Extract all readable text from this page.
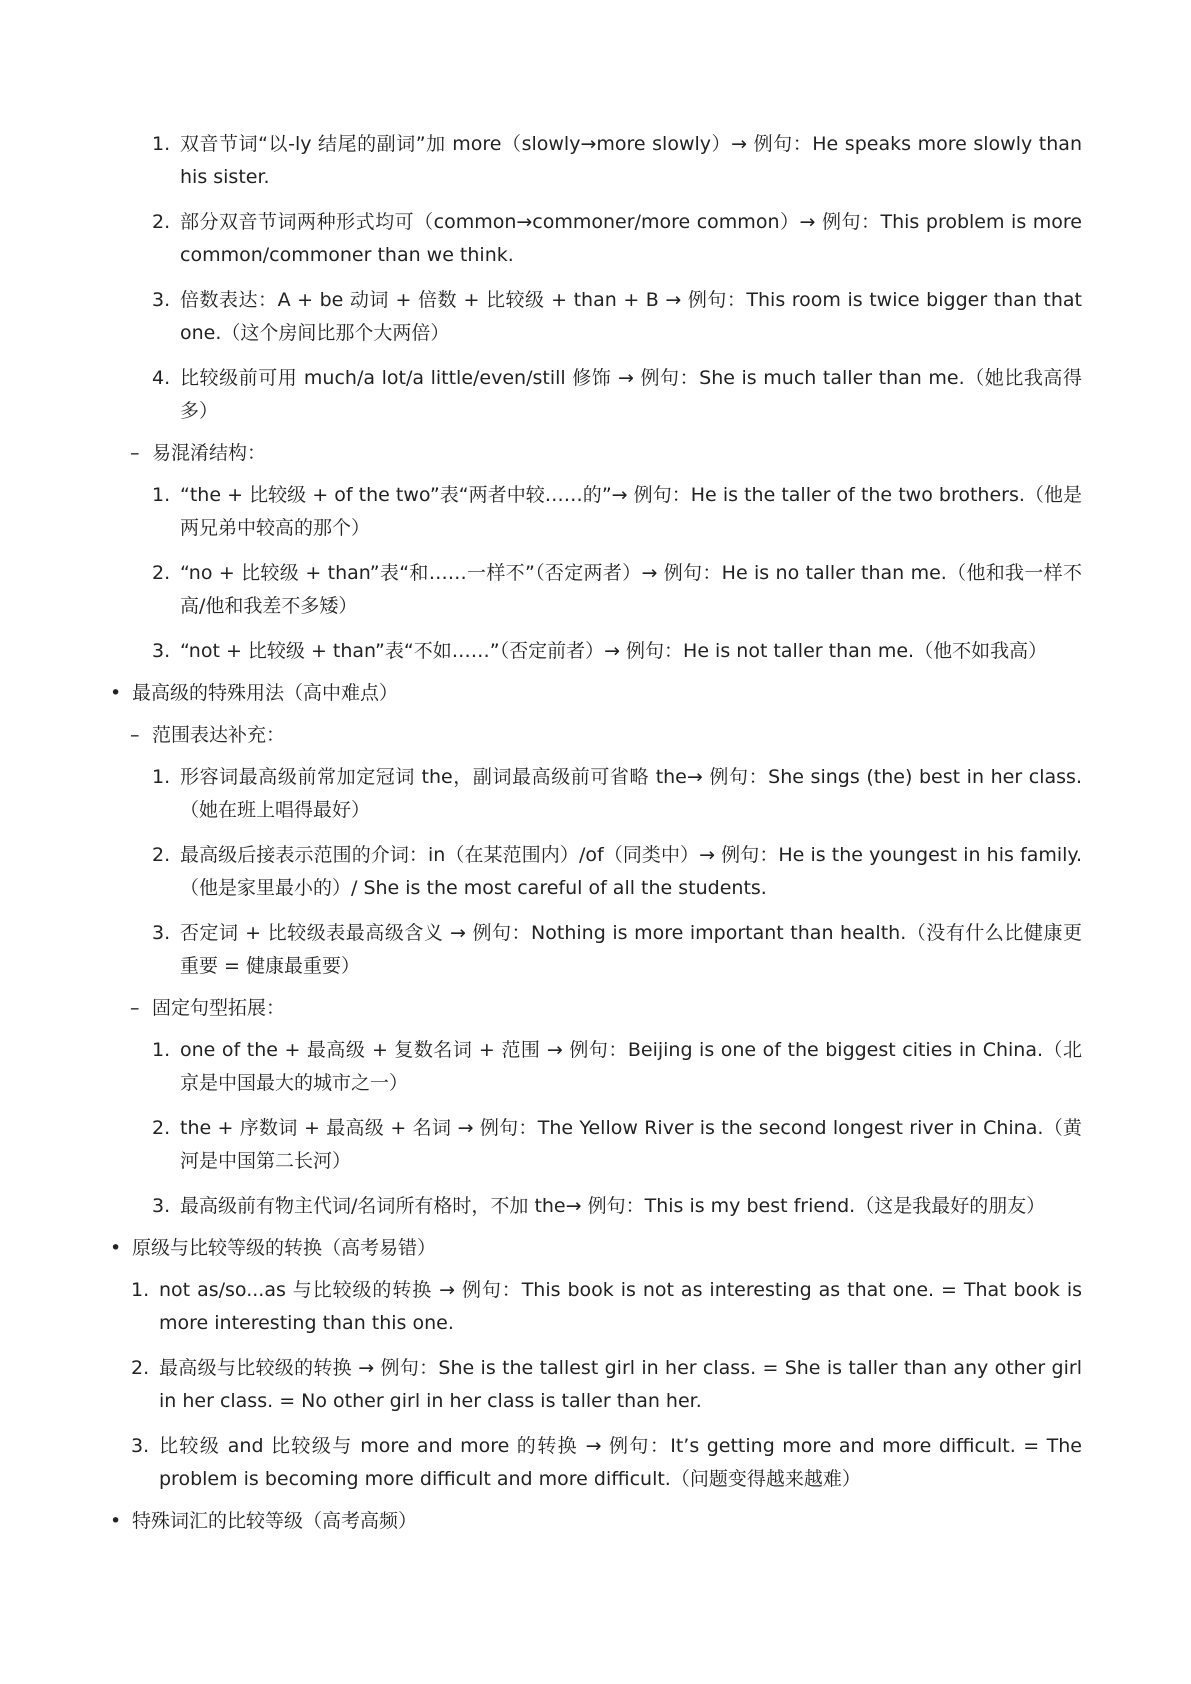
1. 双音节词“以-ly 结尾的副词”加 more（slowly→more slowly）→ 例句：He speaks more slowly than his sister.
2. 部分双音节词两种形式均可（common→commoner/more common）→ 例句：This problem is more common/commoner than we think.
3. 倍数表达：A + be 动词 + 倍数 + 比较级 + than + B → 例句：This room is twice bigger than that one.（这个房间比那个大两倍）
4. 比较级前可用 much/a lot/a little/even/still 修饰 → 例句：She is much taller than me.（她比我高得多）
– 易混淆结构：
1. “the + 比较级 + of the two”表“两者中较……的”→ 例句：He is the taller of the two brothers.（他是两兄弟中较高的那个）
2. “no + 比较级 + than”表“和……一样不”（否定两者）→ 例句：He is no taller than me.（他和我一样不高/他和我差不多矮）
3. “not + 比较级 + than”表“不如……”（否定前者）→ 例句：He is not taller than me.（他不如我高）
• 最高级的特殊用法（高中难点）
– 范围表达补充：
1. 形容词最高级前常加定冠词 the，副词最高级前可省略 the→ 例句：She sings (the) best in her class.（她在班上唱得最好）
2. 最高级后接表示范围的介词：in（在某范围内）/of（同类中）→ 例句：He is the youngest in his family.（他是家里最小的）/ She is the most careful of all the students.
3. 否定词 + 比较级表最高级含义 → 例句：Nothing is more important than health.（没有什么比健康更重要 = 健康最重要）
– 固定句型拓展：
1. one of the + 最高级 + 复数名词 + 范围 → 例句：Beijing is one of the biggest cities in China.（北京是中国最大的城市之一）
2. the + 序数词 + 最高级 + 名词 → 例句：The Yellow River is the second longest river in China.（黄河是中国第二长河）
3. 最高级前有物主代词/名词所有格时，不加 the→ 例句：This is my best friend.（这是我最好的朋友）
• 原级与比较等级的转换（高考易错）
1. not as/so...as 与比较级的转换 → 例句：This book is not as interesting as that one. = That book is more interesting than this one.
2. 最高级与比较级的转换 → 例句：She is the tallest girl in her class. = She is taller than any other girl in her class. = No other girl in her class is taller than her.
3. 比较级 and 比较级与 more and more 的转换 → 例句：It’s getting more and more difficult. = The problem is becoming more difficult and more difficult.（问题变得越来越难）
• 特殊词汇的比较等级（高考高频）
